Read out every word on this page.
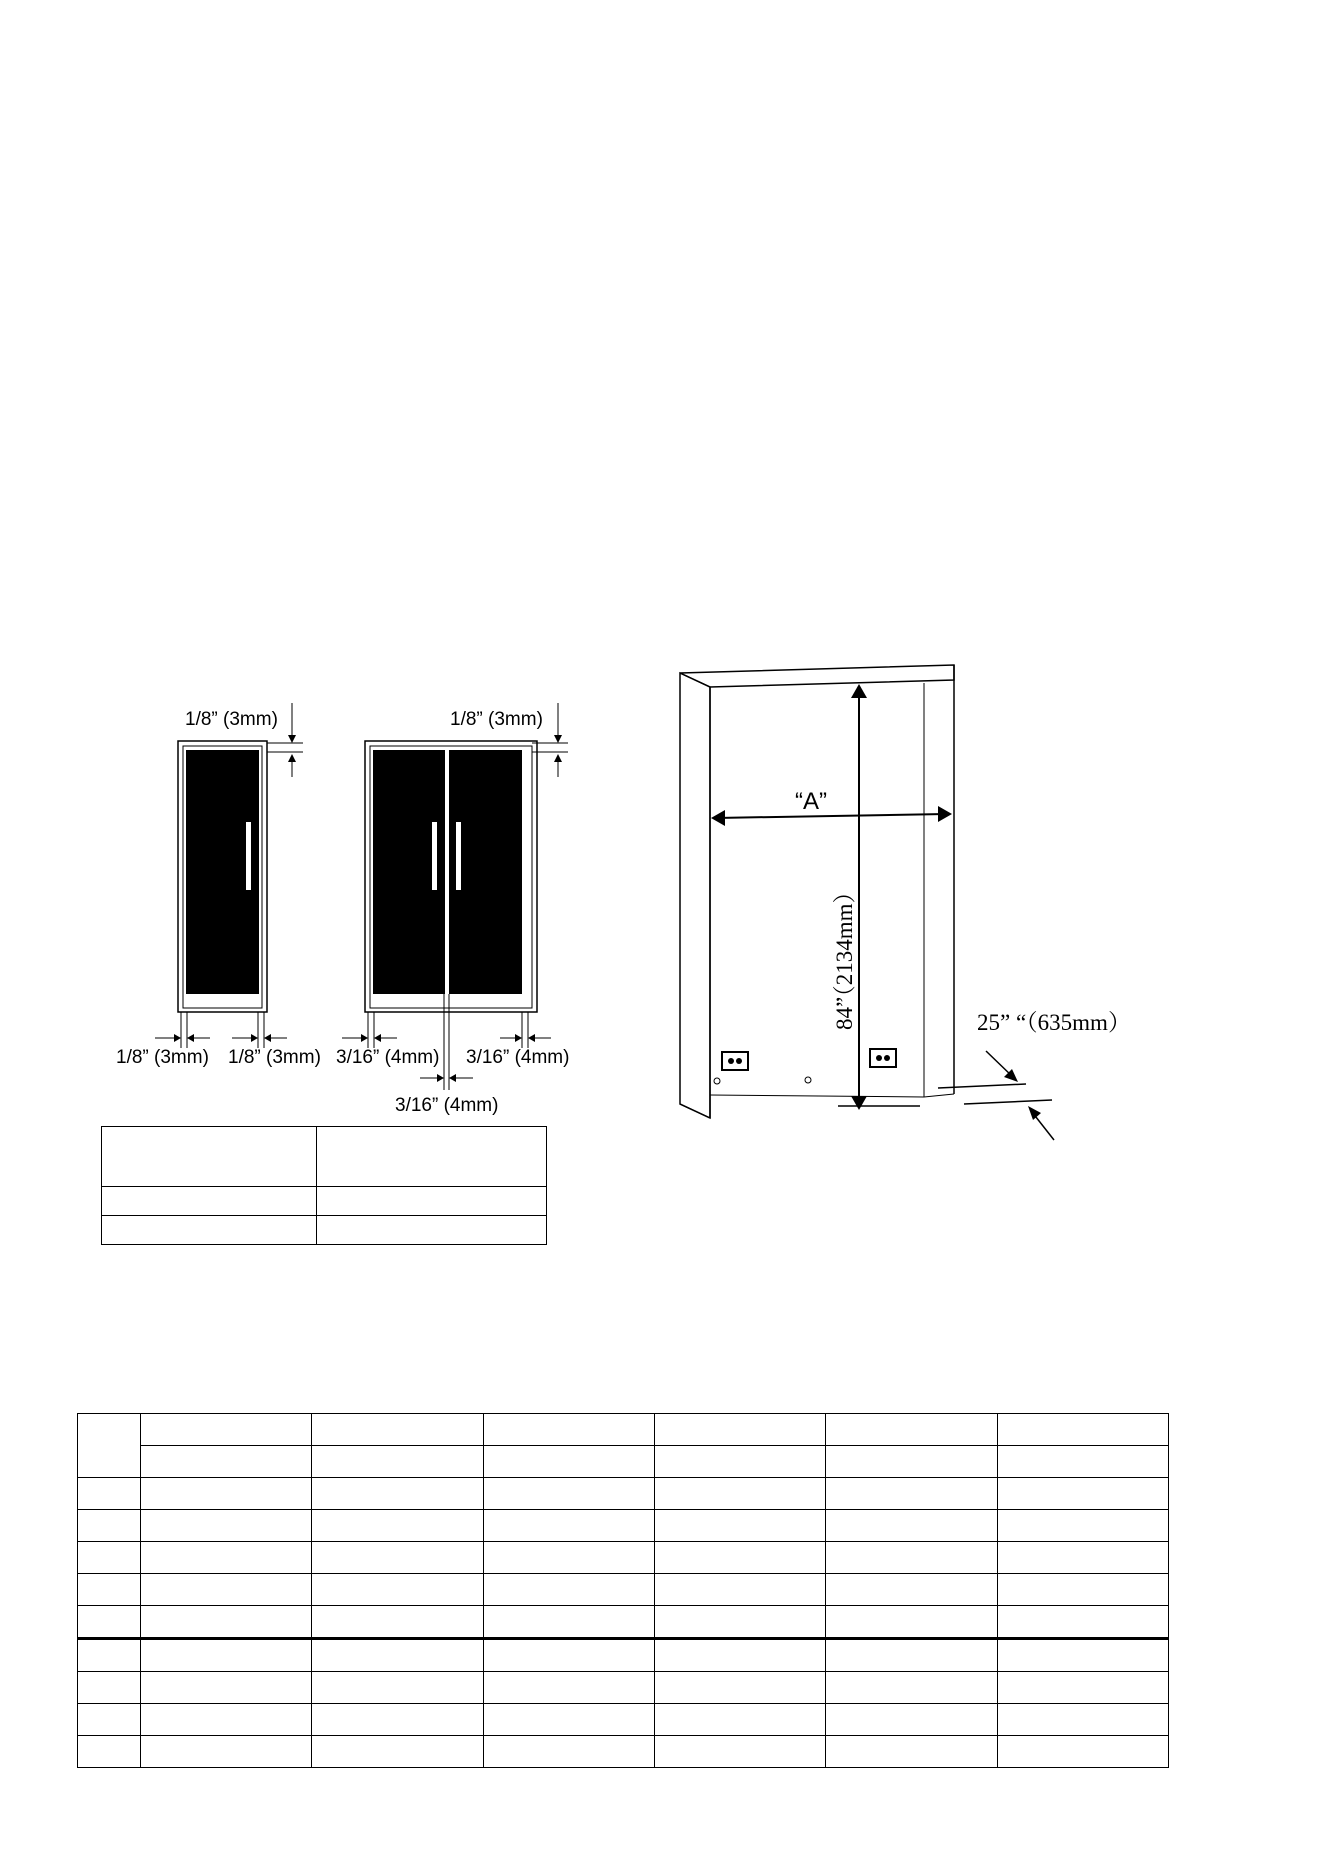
1/8” (3mm)
1/8” (3mm) 1/8” (3mm)
1/8” (3mm)
3/16” (4mm) 3/16” (4mm)
3/16” (4mm)
“A”
84”（2134mm）	25” “（635mm）
